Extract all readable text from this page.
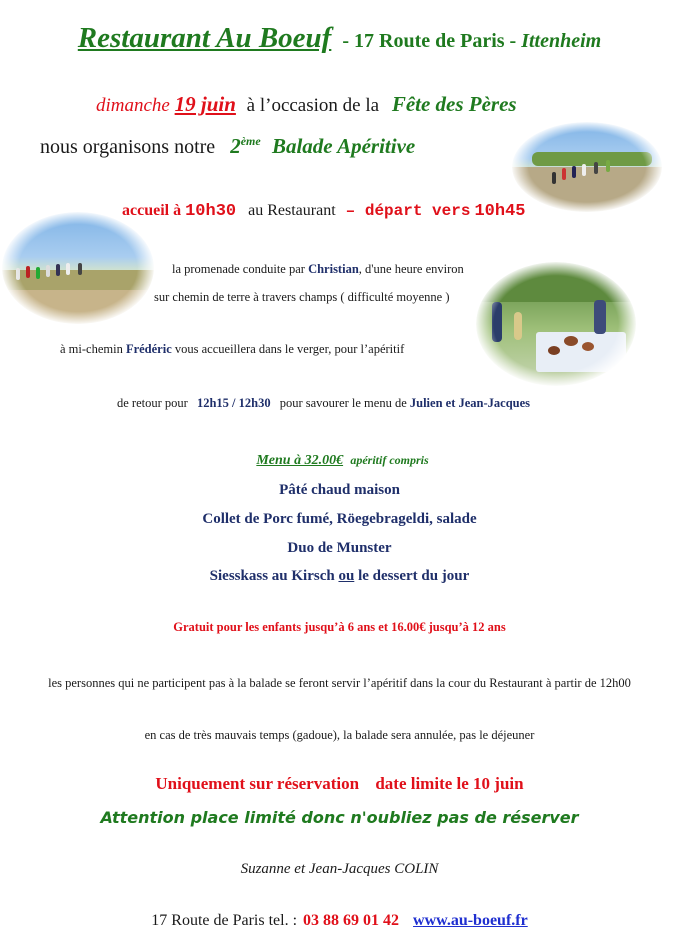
Restaurant Au Boeuf - 17 Route de Paris - Ittenheim
dimanche 19 juin à l’occasion de la Fête des Pères
nous organisons notre 2ème Balade Apéritive
accueil à 10h30 au Restaurant – départ vers 10h45
la promenade conduite par Christian, d'une heure environ
sur chemin de terre à travers champs ( difficulté moyenne )
à mi-chemin Frédéric vous accueillera dans le verger, pour l’apéritif
de retour pour 12h15 / 12h30 pour savourer le menu de Julien et Jean-Jacques
Menu à 32.00€ apéritif compris
Pâté chaud maison
Collet de Porc fumé, Röegebrageldi, salade
Duo de Munster
Siesskass au Kirsch ou le dessert du jour
Gratuit pour les enfants jusqu’à 6 ans et 16.00€ jusqu’à 12 ans
les personnes qui ne participent pas à la balade se feront servir l’apéritif dans la cour du Restaurant à partir de 12h00
en cas de très mauvais temps (gadoue), la balade sera annulée, pas le déjeuner
Uniquement sur réservation date limite le 10 juin
Attention place limité donc n'oubliez pas de réserver
Suzanne et Jean-Jacques COLIN
17 Route de Paris tel. : 03 88 69 01 42 www.au-boeuf.fr
